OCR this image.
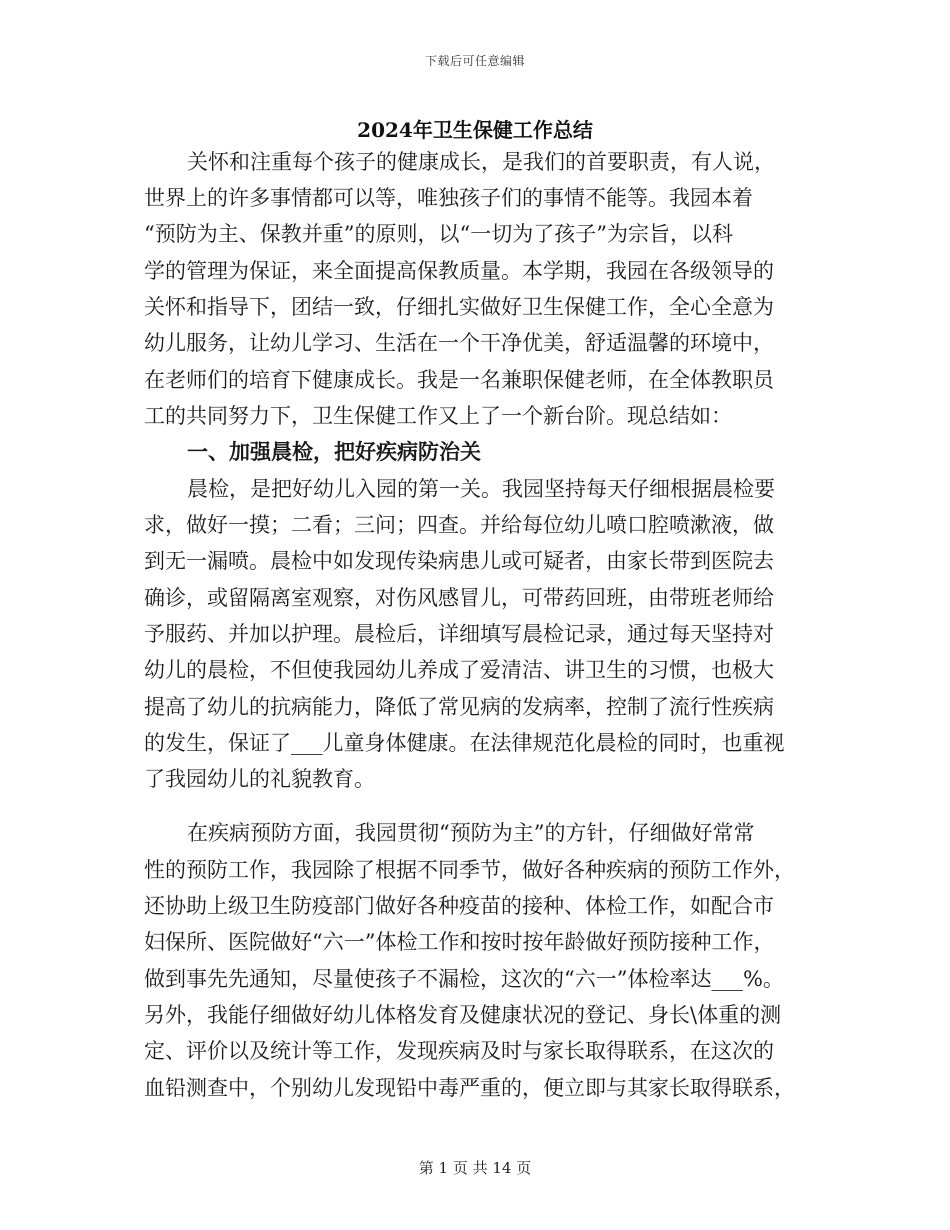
下载后可任意编辑
2024年卫生保健工作总结
关怀和注重每个孩子的健康成长，是我们的首要职责，有人说，
世界上的许多事情都可以等，唯独孩子们的事情不能等。我园本着
“预防为主、保教并重”的原则，以“一切为了孩子”为宗旨，以科
学的管理为保证，来全面提高保教质量。本学期，我园在各级领导的
关怀和指导下，团结一致，仔细扎实做好卫生保健工作，全心全意为
幼儿服务，让幼儿学习、生活在一个干净优美，舒适温馨的环境中，
在老师们的培育下健康成长。我是一名兼职保健老师，在全体教职员
工的共同努力下，卫生保健工作又上了一个新台阶。现总结如：
一、加强晨检，把好疾病防治关
晨检，是把好幼儿入园的第一关。我园坚持每天仔细根据晨检要
求，做好一摸；二看；三问；四查。并给每位幼儿喷口腔喷漱液，做
到无一漏喷。晨检中如发现传染病患儿或可疑者，由家长带到医院去
确诊，或留隔离室观察，对伤风感冒儿，可带药回班，由带班老师给
予服药、并加以护理。晨检后，详细填写晨检记录，通过每天坚持对
幼儿的晨检，不但使我园幼儿养成了爱清洁、讲卫生的习惯，也极大
提高了幼儿的抗病能力，降低了常见病的发病率，控制了流行性疾病
的发生，保证了___儿童身体健康。在法律规范化晨检的同时，也重视
了我园幼儿的礼貌教育。
在疾病预防方面，我园贯彻“预防为主”的方针，仔细做好常常
性的预防工作，我园除了根据不同季节，做好各种疾病的预防工作外，
还协助上级卫生防疫部门做好各种疫苗的接种、体检工作，如配合市
妇保所、医院做好“六一”体检工作和按时按年龄做好预防接种工作，
做到事先先通知，尽量使孩子不漏检，这次的“六一”体检率达___%。
另外，我能仔细做好幼儿体格发育及健康状况的登记、身长\体重的测
定、评价以及统计等工作，发现疾病及时与家长取得联系，在这次的
血铅测查中，个别幼儿发现铅中毒严重的，便立即与其家长取得联系，
第 1 页 共 14 页
